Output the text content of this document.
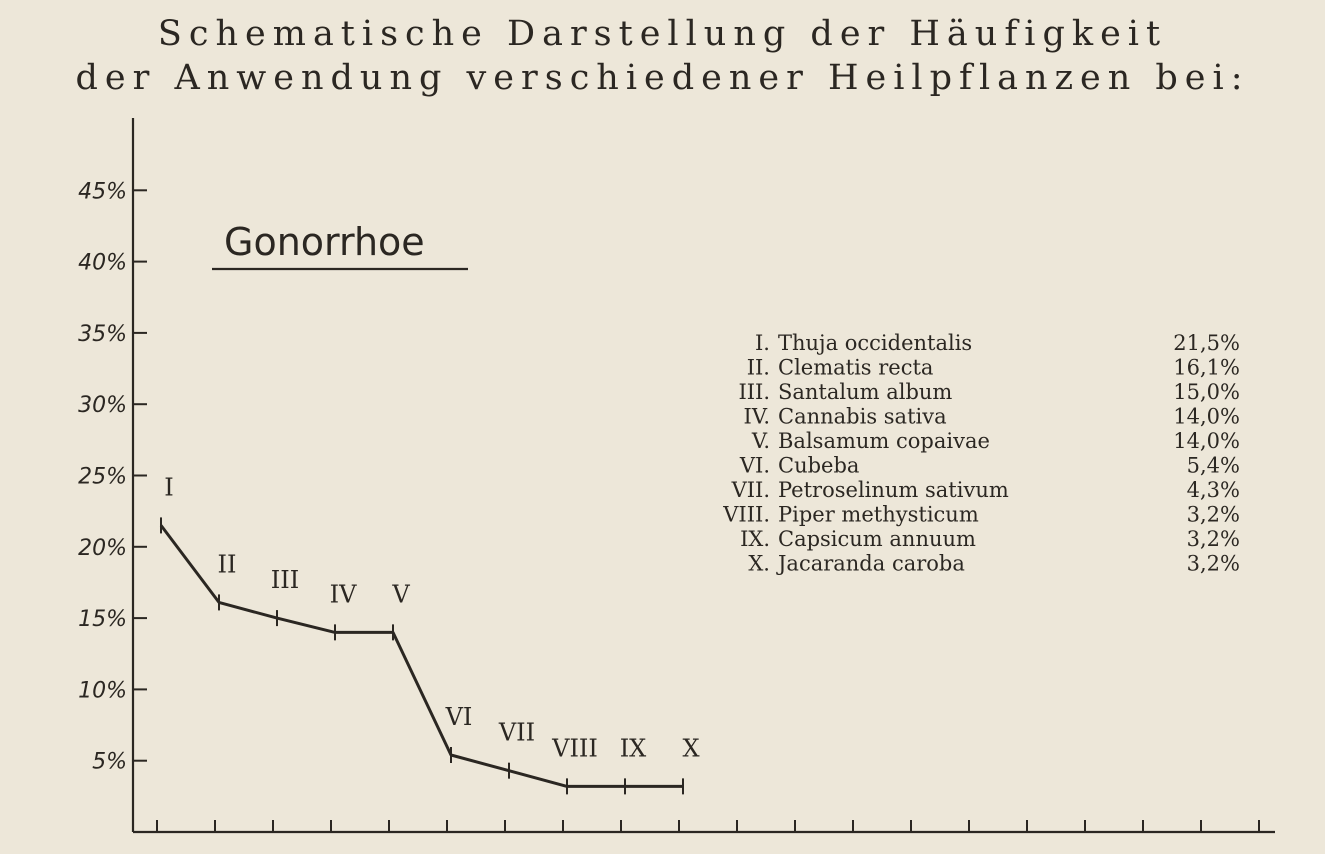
Schematische Darstellung der Häufigkeit
der Anwendung verschiedener Heilpflanzen bei:
5%
10%
15%
20%
25%
30%
35%
40%
45%
Gonorrhoe
I
II
III
IV V
VI
VII
VIII IX X
I. Thuja occidentalis	21,5%
II. Clematis recta	16,1%
III. Santalum album	15,0%
IV. Cannabis sativa	14,0%
V. Balsamum copaivae	14,0%
VI. Cubeba	5,4%
VII. Petroselinum sativum	4,3%
VIII. Piper methysticum	3,2%
IX. Capsicum annuum	3,2%
X. Jacaranda caroba	3,2%
